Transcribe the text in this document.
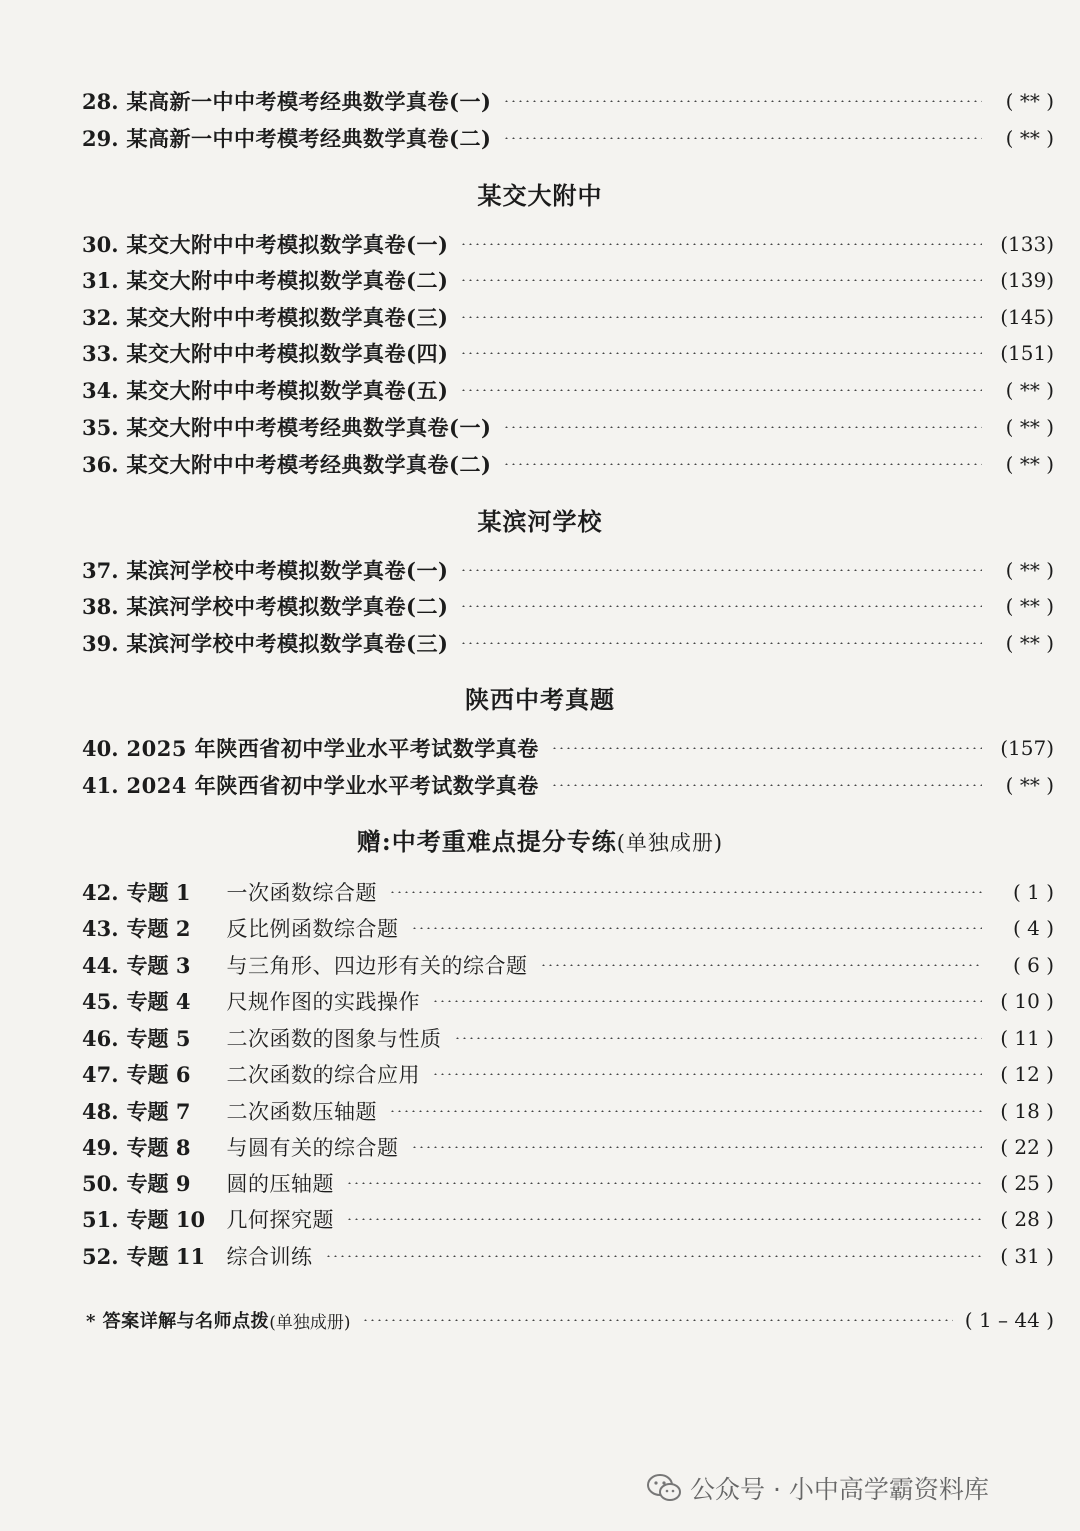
28. 某高新一中中考模考经典数学真卷(一)	( ** )
29. 某高新一中中考模考经典数学真卷(二)	( ** )
某交大附中
30. 某交大附中中考模拟数学真卷(一)	(133)
31. 某交大附中中考模拟数学真卷(二)	(139)
32. 某交大附中中考模拟数学真卷(三)	(145)
33. 某交大附中中考模拟数学真卷(四)	(151)
34. 某交大附中中考模拟数学真卷(五)	( ** )
35. 某交大附中中考模考经典数学真卷(一)	( ** )
36. 某交大附中中考模考经典数学真卷(二)	( ** )
某滨河学校
37. 某滨河学校中考模拟数学真卷(一)	( ** )
38. 某滨河学校中考模拟数学真卷(二)	( ** )
39. 某滨河学校中考模拟数学真卷(三)	( ** )
陕西中考真题
40. 2025 年陕西省初中学业水平考试数学真卷	(157)
41. 2024 年陕西省初中学业水平考试数学真卷	( ** )
赠:中考重难点提分专练(单独成册)
42. 专题 1	一次函数综合题	( 1 )
43. 专题 2	反比例函数综合题	( 4 )
44. 专题 3	与三角形、四边形有关的综合题	( 6 )
45. 专题 4	尺规作图的实践操作	( 10 )
46. 专题 5	二次函数的图象与性质	( 11 )
47. 专题 6	二次函数的综合应用	( 12 )
48. 专题 7	二次函数压轴题	( 18 )
49. 专题 8	与圆有关的综合题	( 22 )
50. 专题 9	圆的压轴题	( 25 )
51. 专题 10	几何探究题	( 28 )
52. 专题 11	综合训练	( 31 )
* 答案详解与名师点拨 (单独成册)	( 1 – 44 )
公众号 · 小中高学霸资料库
